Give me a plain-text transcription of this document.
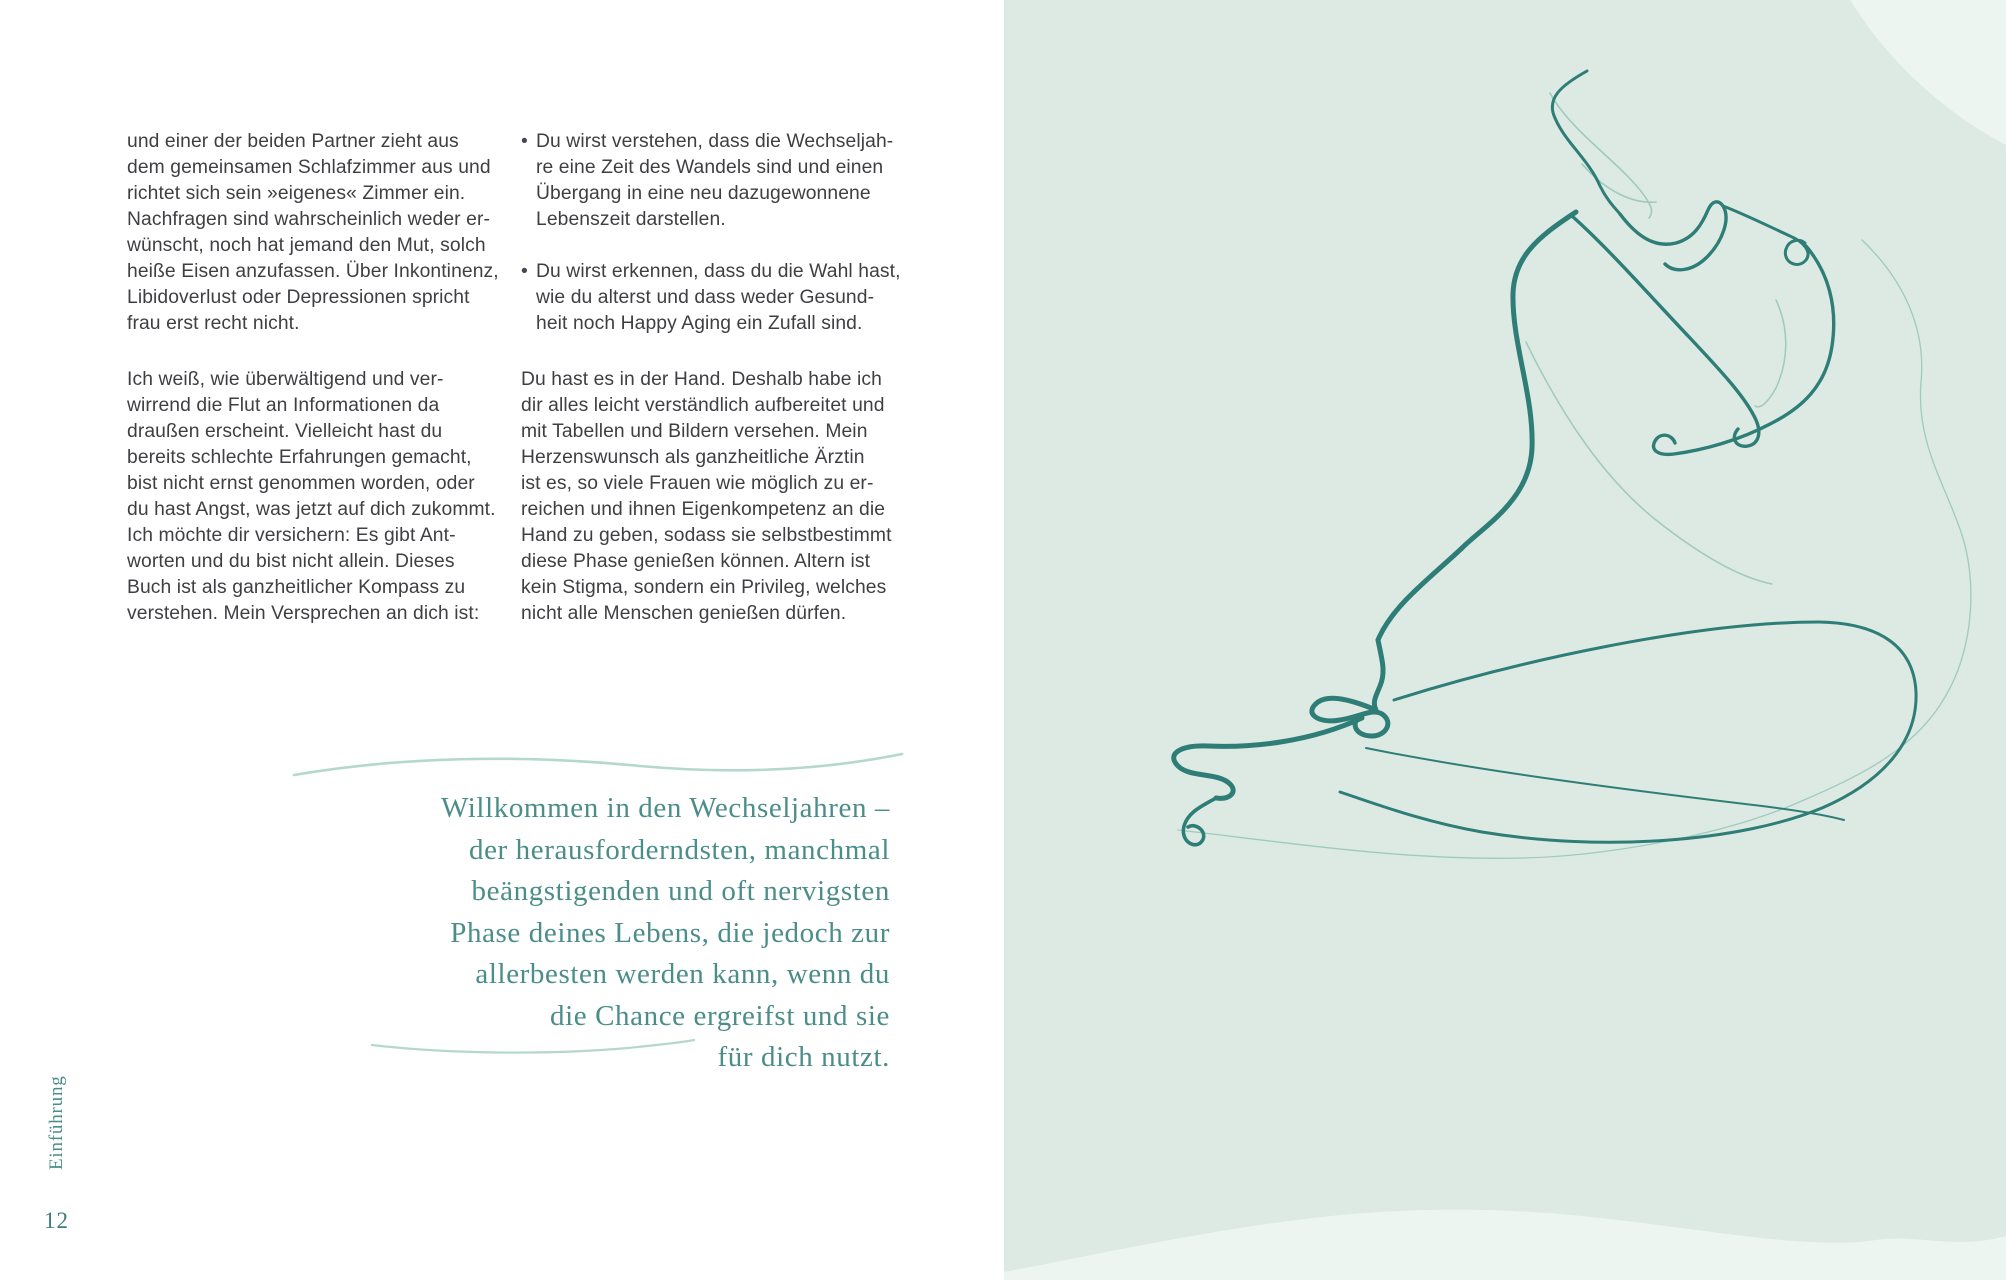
und einer der beiden Partner zieht aus
dem gemeinsamen Schlafzimmer aus und
richtet sich sein »eigenes« Zimmer ein.
Nachfragen sind wahrscheinlich weder er-
wünscht, noch hat jemand den Mut, solch
heiße Eisen anzufassen. Über Inkontinenz,
Libidoverlust oder Depressionen spricht
frau erst recht nicht.
Ich weiß, wie überwältigend und ver-
wirrend die Flut an Informationen da
draußen erscheint. Vielleicht hast du
bereits schlechte Erfahrungen gemacht,
bist nicht ernst genommen worden, oder
du hast Angst, was jetzt auf dich zukommt.
Ich möchte dir versichern: Es gibt Ant-
worten und du bist nicht allein. Dieses
Buch ist als ganzheitlicher Kompass zu
verstehen. Mein Versprechen an dich ist:
• Du wirst verstehen, dass die Wechseljah-
re eine Zeit des Wandels sind und einen
Übergang in eine neu dazugewonnene
Lebenszeit darstellen.
• Du wirst erkennen, dass du die Wahl hast,
wie du alterst und dass weder Gesund-
heit noch Happy Aging ein Zufall sind.
Du hast es in der Hand. Deshalb habe ich
dir alles leicht verständlich aufbereitet und
mit Tabellen und Bildern versehen. Mein
Herzenswunsch als ganzheitliche Ärztin
ist es, so viele Frauen wie möglich zu er-
reichen und ihnen Eigenkompetenz an die
Hand zu geben, sodass sie selbstbestimmt
diese Phase genießen können. Altern ist
kein Stigma, sondern ein Privileg, welches
nicht alle Menschen genießen dürfen.
Willkommen in den Wechseljahren –
der herausforderndsten, manchmal
beängstigenden und oft nervigsten
Phase deines Lebens, die jedoch zur
allerbesten werden kann, wenn du
die Chance ergreifst und sie
für dich nutzt.
Einführung
12
